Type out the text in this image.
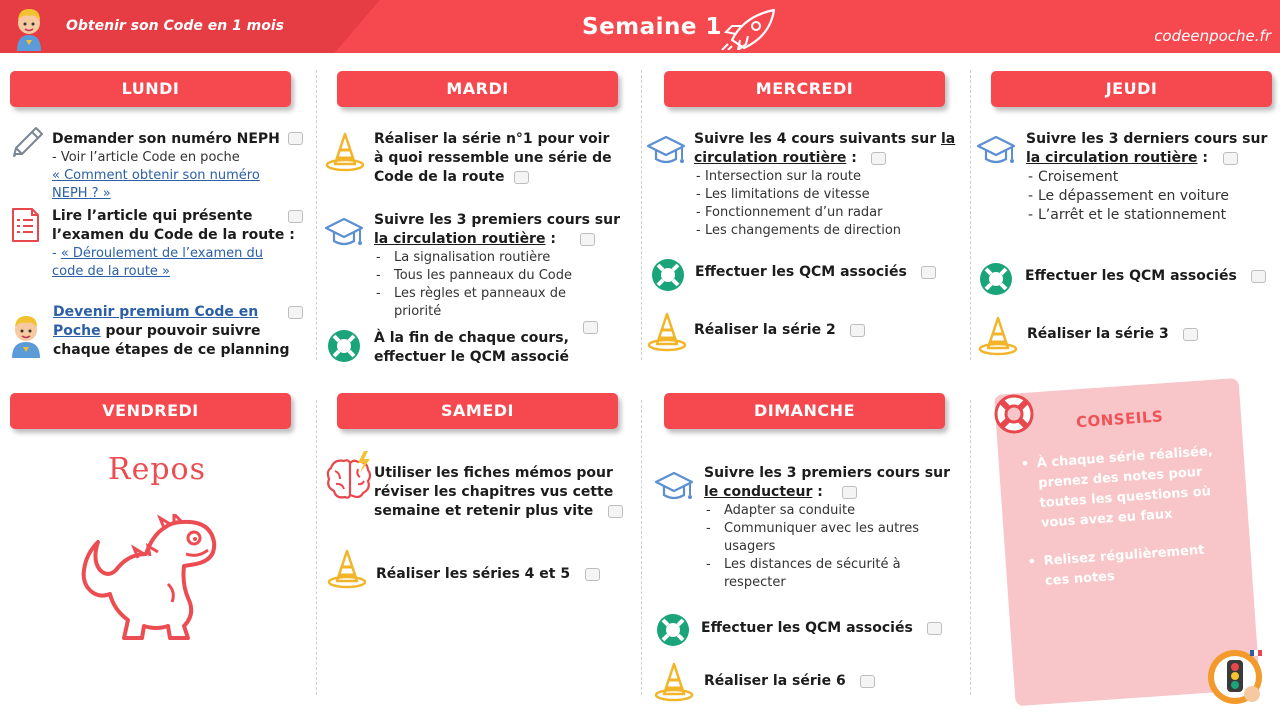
Obtenir son Code en 1 mois	Semaine 1	codeenpoche.fr
LUNDI	MARDI	MERCREDI	JEUDI
VENDREDI	SAMEDI	DIMANCHE
Demander son numéro NEPH
- Voir l’article Code en poche
« Comment obtenir son numéro NEPH ? »
Lire l’article qui présente l’examen du Code de la route :
- « Déroulement de l’examen du code de la route »
Devenir premium Code en Poche pour pouvoir suivre chaque étapes de ce planning
Réaliser la série n°1 pour voir à quoi ressemble une série de Code de la route
Suivre les 3 premiers cours sur la circulation routière :
- La signalisation routière
- Tous les panneaux du Code
- Les règles et panneaux de priorité
À la fin de chaque cours, effectuer le QCM associé
Suivre les 4 cours suivants sur la circulation routière :
- Intersection sur la route
- Les limitations de vitesse
- Fonctionnement d’un radar
- Les changements de direction
Effectuer les QCM associés
Réaliser la série 2
Suivre les 3 derniers cours sur la circulation routière :
- Croisement
- Le dépassement en voiture
- L’arrêt et le stationnement
Effectuer les QCM associés
Réaliser la série 3
Repos	Utiliser les fiches mémos pour réviser les chapitres vus cette semaine et retenir plus vite
Réaliser les séries 4 et 5
Suivre les 3 premiers cours sur le conducteur :
- Adapter sa conduite
- Communiquer avec les autres usagers
- Les distances de sécurité à respecter
Effectuer les QCM associés
Réaliser la série 6
CONSEILS
• À chaque série réalisée, prenez des notes pour toutes les questions où vous avez eu faux
• Relisez régulièrement ces notes
